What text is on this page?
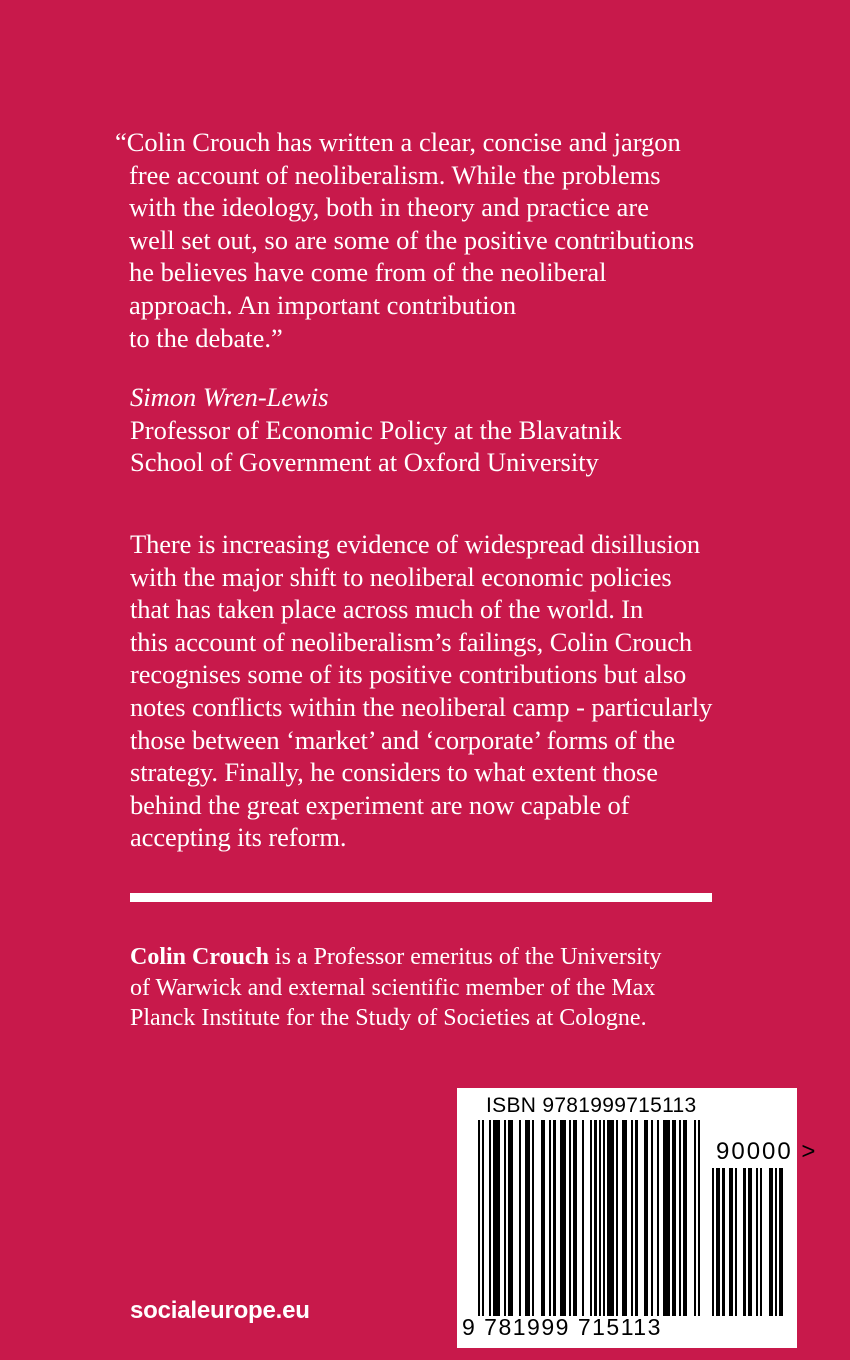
“Colin Crouch has written a clear, concise and jargon
free account of neoliberalism. While the problems
with the ideology, both in theory and practice are
well set out, so are some of the positive contributions
he believes have come from of the neoliberal
approach. An important contribution
to the debate.”
Simon Wren-Lewis
Professor of Economic Policy at the Blavatnik
School of Government at Oxford University
There is increasing evidence of widespread disillusion
with the major shift to neoliberal economic policies
that has taken place across much of the world. In
this account of neoliberalism’s failings, Colin Crouch
recognises some of its positive contributions but also
notes conflicts within the neoliberal camp - particularly
those between ‘market’ and ‘corporate’ forms of the
strategy. Finally, he considers to what extent those
behind the great experiment are now capable of
accepting its reform.
Colin Crouch is a Professor emeritus of the University
of Warwick and external scientific member of the Max
Planck Institute for the Study of Societies at Cologne.
ISBN 9781999715113
90000 >
9 781999 715113
socialeurope.eu
